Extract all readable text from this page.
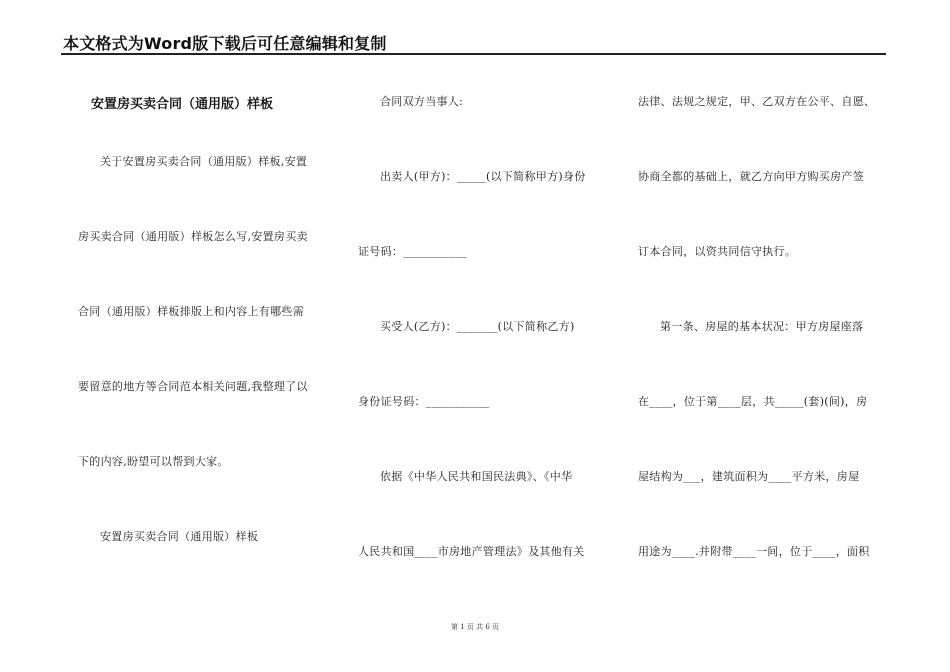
本文格式为Word版下载后可任意编辑和复制
安置房买卖合同（通用版）样板
关于安置房买卖合同（通用版）样板,安置
房买卖合同（通用版）样板怎么写,安置房买卖
合同（通用版）样板排版上和内容上有哪些需
要留意的地方等合同范本相关问题,我整理了以
下的内容,盼望可以帮到大家。
安置房买卖合同（通用版）样板
合同双方当事人:
出卖人(甲方)：_____(以下简称甲方)身份
证号码：___________
买受人(乙方)：_______(以下简称乙方)
身份证号码：___________
依据《中华人民共和国民法典》、《中华
人民共和国____市房地产管理法》及其他有关
法律、法规之规定，甲、乙双方在公平、自愿、
协商全都的基础上，就乙方向甲方购买房产签
订本合同，以资共同信守执行。
第一条、房屋的基本状况：甲方房屋座落
在____，位于第____层，共_____(套)(间)，房
屋结构为___，建筑面积为____平方米，房屋
用途为____.并附带____一间，位于____，面积
第 1 页 共 6 页
